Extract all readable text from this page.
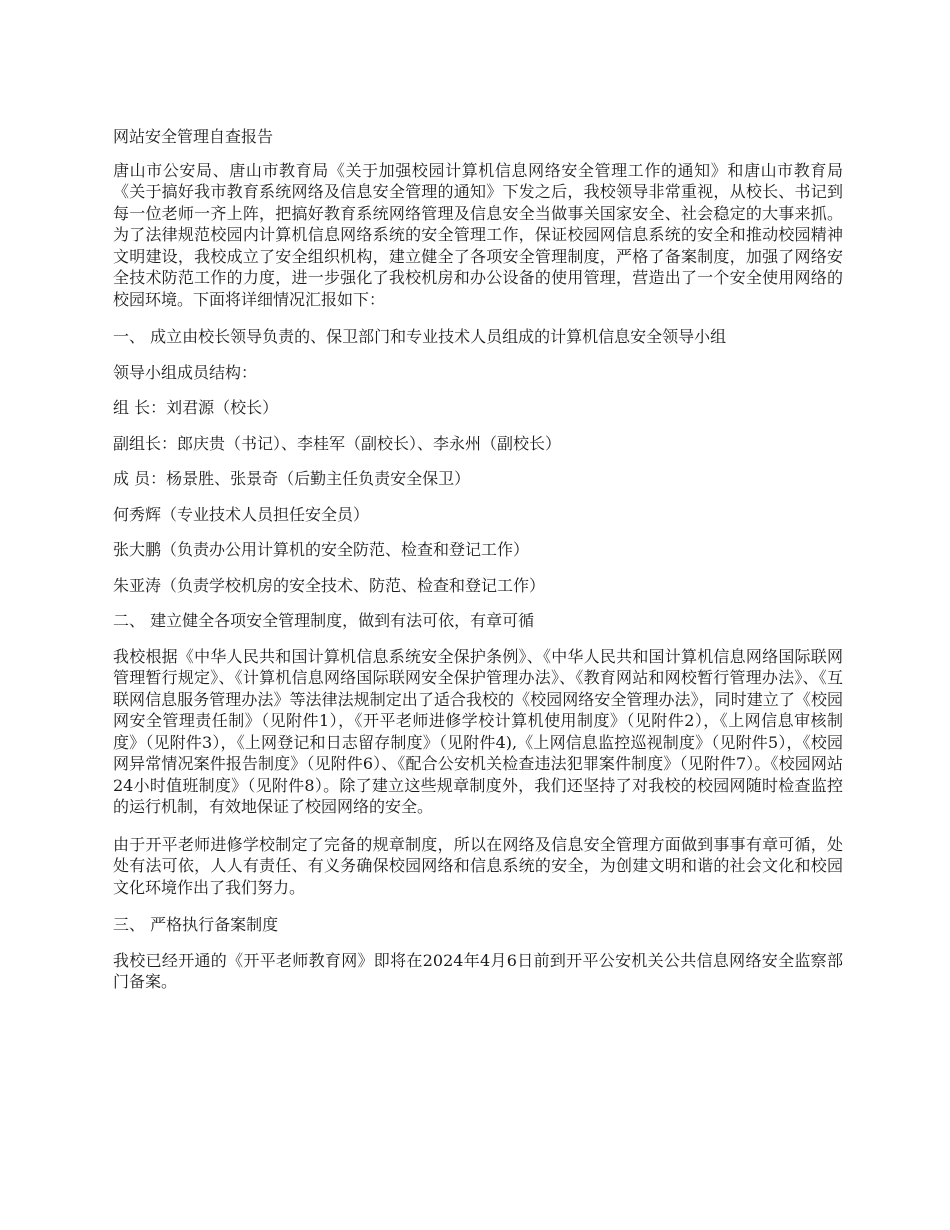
网站安全管理自查报告

唐山市公安局、唐山市教育局《关于加强校园计算机信息网络安全管理工作的通知》和唐山市教育局《关于搞好我市教育系统网络及信息安全管理的通知》下发之后，我校领导非常重视，从校长、书记到每一位老师一齐上阵，把搞好教育系统网络管理及信息安全当做事关国家安全、社会稳定的大事来抓。为了法律规范校园内计算机信息网络系统的安全管理工作，保证校园网信息系统的安全和推动校园精神文明建设，我校成立了安全组织机构，建立健全了各项安全管理制度，严格了备案制度，加强了网络安全技术防范工作的力度，进一步强化了我校机房和办公设备的使用管理，营造出了一个安全使用网络的校园环境。下面将详细情况汇报如下：

一、 成立由校长领导负责的、保卫部门和专业技术人员组成的计算机信息安全领导小组

领导小组成员结构：

组 长：刘君源（校长）

副组长：郎庆贵（书记）、李桂军（副校长）、李永州（副校长）

成 员：杨景胜、张景奇（后勤主任负责安全保卫）

何秀辉（专业技术人员担任安全员）

张大鹏（负责办公用计算机的安全防范、检查和登记工作）

朱亚涛（负责学校机房的安全技术、防范、检查和登记工作）

二、 建立健全各项安全管理制度，做到有法可依，有章可循

我校根据《中华人民共和国计算机信息系统安全保护条例》、《中华人民共和国计算机信息网络国际联网管理暂行规定》、《计算机信息网络国际联网安全保护管理办法》、《教育网站和网校暂行管理办法》、《互联网信息服务管理办法》等法律法规制定出了适合我校的《校园网络安全管理办法》，同时建立了《校园网安全管理责任制》（见附件1），《开平老师进修学校计算机使用制度》（见附件2），《上网信息审核制度》（见附件3），《上网登记和日志留存制度》（见附件4),《上网信息监控巡视制度》（见附件5），《校园网异常情况案件报告制度》（见附件6）、《配合公安机关检查违法犯罪案件制度》（见附件7）。《校园网站24小时值班制度》（见附件8）。除了建立这些规章制度外，我们还坚持了对我校的校园网随时检查监控的运行机制，有效地保证了校园网络的安全。

由于开平老师进修学校制定了完备的规章制度，所以在网络及信息安全管理方面做到事事有章可循，处处有法可依，人人有责任、有义务确保校园网络和信息系统的安全，为创建文明和谐的社会文化和校园文化环境作出了我们努力。

三、 严格执行备案制度

我校已经开通的《开平老师教育网》即将在2024年4月6日前到开平公安机关公共信息网络安全监察部门备案。
